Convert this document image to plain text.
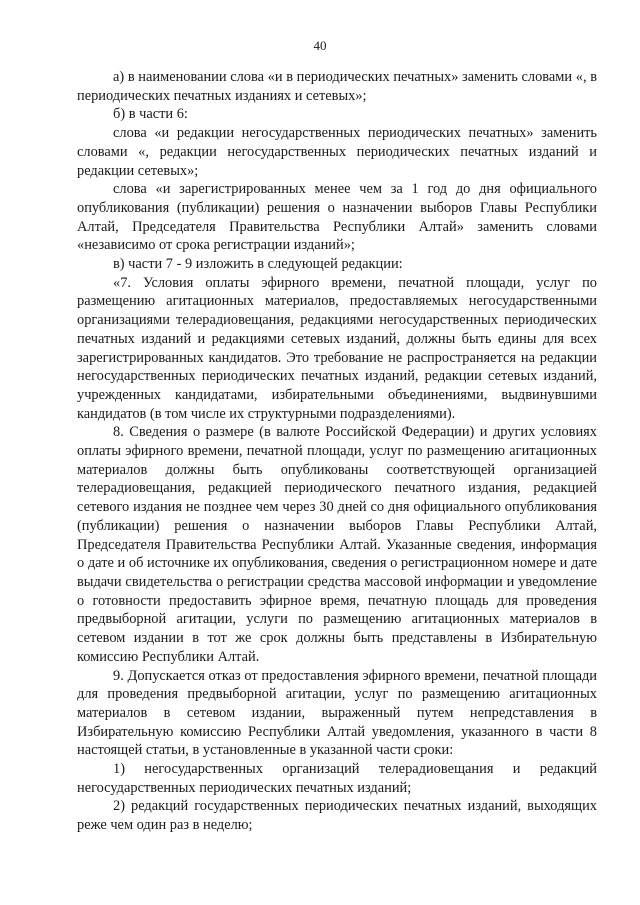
40

а) в наименовании слова «и в периодических печатных» заменить словами «, в периодических печатных изданиях и сетевых»;

б) в части 6:

слова «и редакции негосударственных периодических печатных» заменить словами «, редакции негосударственных периодических печатных изданий и редакции сетевых»;

слова «и зарегистрированных менее чем за 1 год до дня официального опубликования (публикации) решения о назначении выборов Главы Республики Алтай, Председателя Правительства Республики Алтай» заменить словами «независимо от срока регистрации изданий»;

в) части 7 - 9 изложить в следующей редакции:

«7. Условия оплаты эфирного времени, печатной площади, услуг по размещению агитационных материалов, предоставляемых негосударственными организациями телерадиовещания, редакциями негосударственных периодических печатных изданий и редакциями сетевых изданий, должны быть едины для всех зарегистрированных кандидатов. Это требование не распространяется на редакции негосударственных периодических печатных изданий, редакции сетевых изданий, учрежденных кандидатами, избирательными объединениями, выдвинувшими кандидатов (в том числе их структурными подразделениями).

8. Сведения о размере (в валюте Российской Федерации) и других условиях оплаты эфирного времени, печатной площади, услуг по размещению агитационных материалов должны быть опубликованы соответствующей организацией телерадиовещания, редакцией периодического печатного издания, редакцией сетевого издания не позднее чем через 30 дней со дня официального опубликования (публикации) решения о назначении выборов Главы Республики Алтай, Председателя Правительства Республики Алтай. Указанные сведения, информация о дате и об источнике их опубликования, сведения о регистрационном номере и дате выдачи свидетельства о регистрации средства массовой информации и уведомление о готовности предоставить эфирное время, печатную площадь для проведения предвыборной агитации, услуги по размещению агитационных материалов в сетевом издании в тот же срок должны быть представлены в Избирательную комиссию Республики Алтай.

9. Допускается отказ от предоставления эфирного времени, печатной площади для проведения предвыборной агитации, услуг по размещению агитационных материалов в сетевом издании, выраженный путем непредставления в Избирательную комиссию Республики Алтай уведомления, указанного в части 8 настоящей статьи, в установленные в указанной части сроки:

1) негосударственных организаций телерадиовещания и редакций негосударственных периодических печатных изданий;

2) редакций государственных периодических печатных изданий, выходящих реже чем один раз в неделю;
